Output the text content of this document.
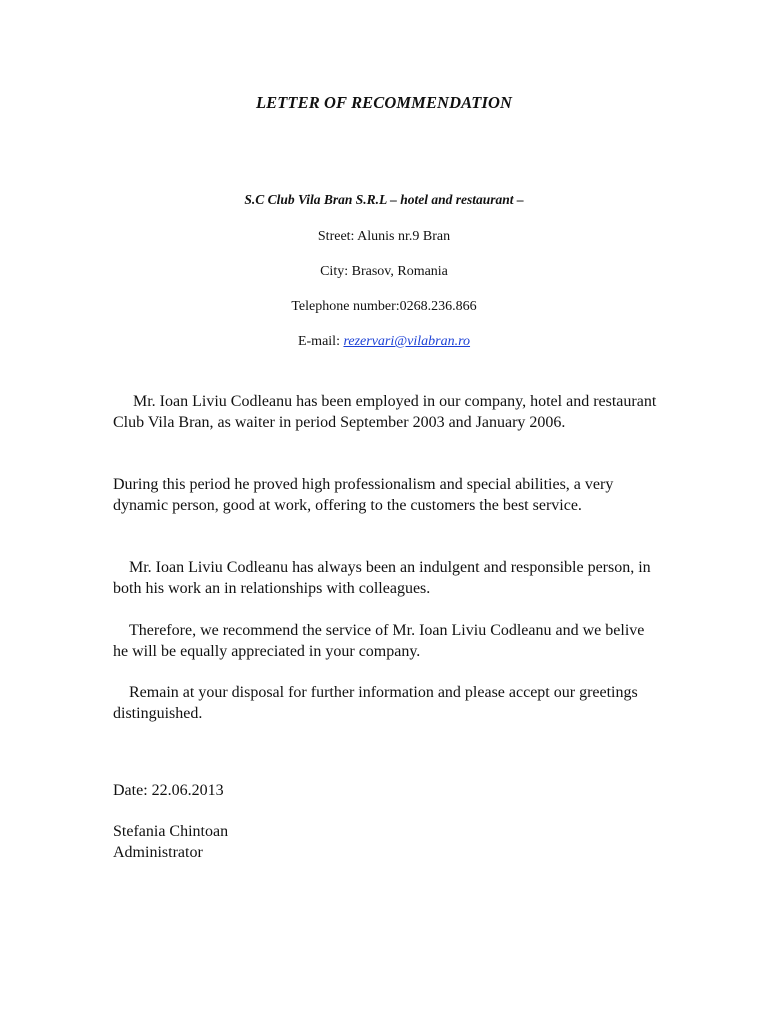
LETTER OF RECOMMENDATION
S.C Club Vila Bran S.R.L – hotel and restaurant –
Street: Alunis nr.9 Bran
City: Brasov, Romania
Telephone number:0268.236.866
E-mail: rezervari@vilabran.ro
Mr. Ioan Liviu Codleanu has been employed in our company, hotel and restaurant Club Vila Bran, as waiter in period September 2003 and January 2006.
During this period he proved high professionalism and special abilities, a very dynamic person, good at work, offering to the customers the best service.
Mr. Ioan Liviu Codleanu has always been an indulgent and responsible person, in both his work an in relationships with colleagues.
Therefore, we recommend the service of Mr. Ioan Liviu Codleanu and we belive he will be equally appreciated in your company.
Remain at your disposal for further information and please accept our greetings distinguished.
Date: 22.06.2013
Stefania Chintoan
Administrator
